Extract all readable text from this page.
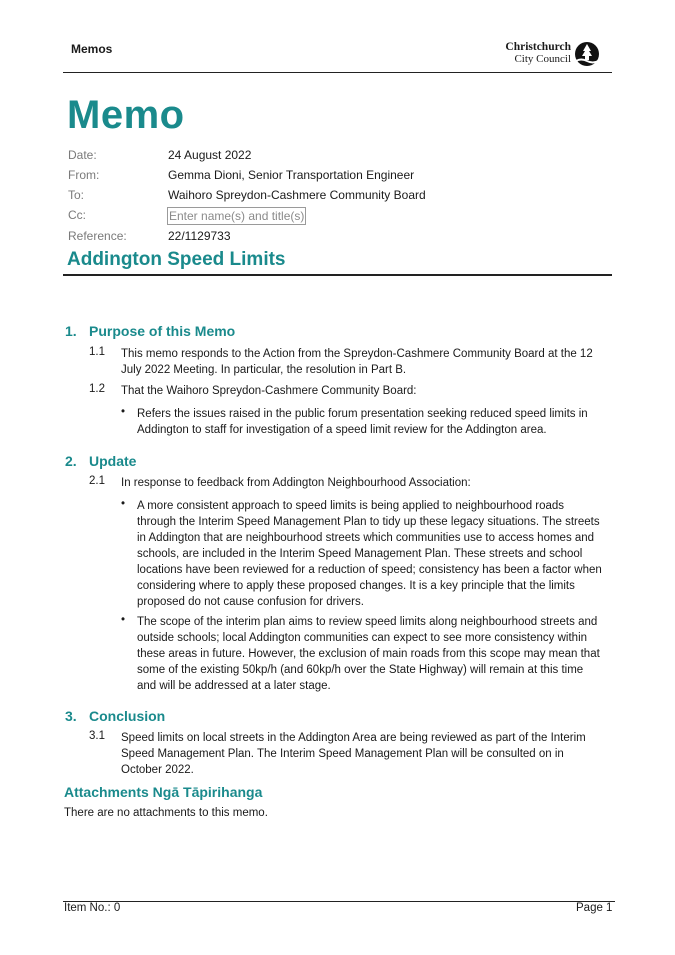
Memos	Christchurch
City Council
Memo
Date:	24 August 2022
From:	Gemma Dioni, Senior Transportation Engineer
To:	Waihoro Spreydon-Cashmere Community Board
Cc:	Enter name(s) and title(s)
Reference:	22/1129733
Addington Speed Limits
1. Purpose of this Memo
1.1 This memo responds to the Action from the Spreydon-Cashmere Community Board at the 12
July 2022 Meeting. In particular, the resolution in Part B.
1.2 That the Waihoro Spreydon-Cashmere Community Board:
• Refers the issues raised in the public forum presentation seeking reduced speed limits in
Addington to staff for investigation of a speed limit review for the Addington area.
2. Update
2.1 In response to feedback from Addington Neighbourhood Association:
• A more consistent approach to speed limits is being applied to neighbourhood roads
through the Interim Speed Management Plan to tidy up these legacy situations. The streets
in Addington that are neighbourhood streets which communities use to access homes and
schools, are included in the Interim Speed Management Plan. These streets and school
locations have been reviewed for a reduction of speed; consistency has been a factor when
considering where to apply these proposed changes. It is a key principle that the limits
proposed do not cause confusion for drivers.
• The scope of the interim plan aims to review speed limits along neighbourhood streets and
outside schools; local Addington communities can expect to see more consistency within
these areas in future. However, the exclusion of main roads from this scope may mean that
some of the existing 50kp/h (and 60kp/h over the State Highway) will remain at this time
and will be addressed at a later stage.
3. Conclusion
3.1 Speed limits on local streets in the Addington Area are being reviewed as part of the Interim
Speed Management Plan. The Interim Speed Management Plan will be consulted on in
October 2022.
Attachments Ngā Tāpirihanga
There are no attachments to this memo.
Item No.: 0	Page 1
